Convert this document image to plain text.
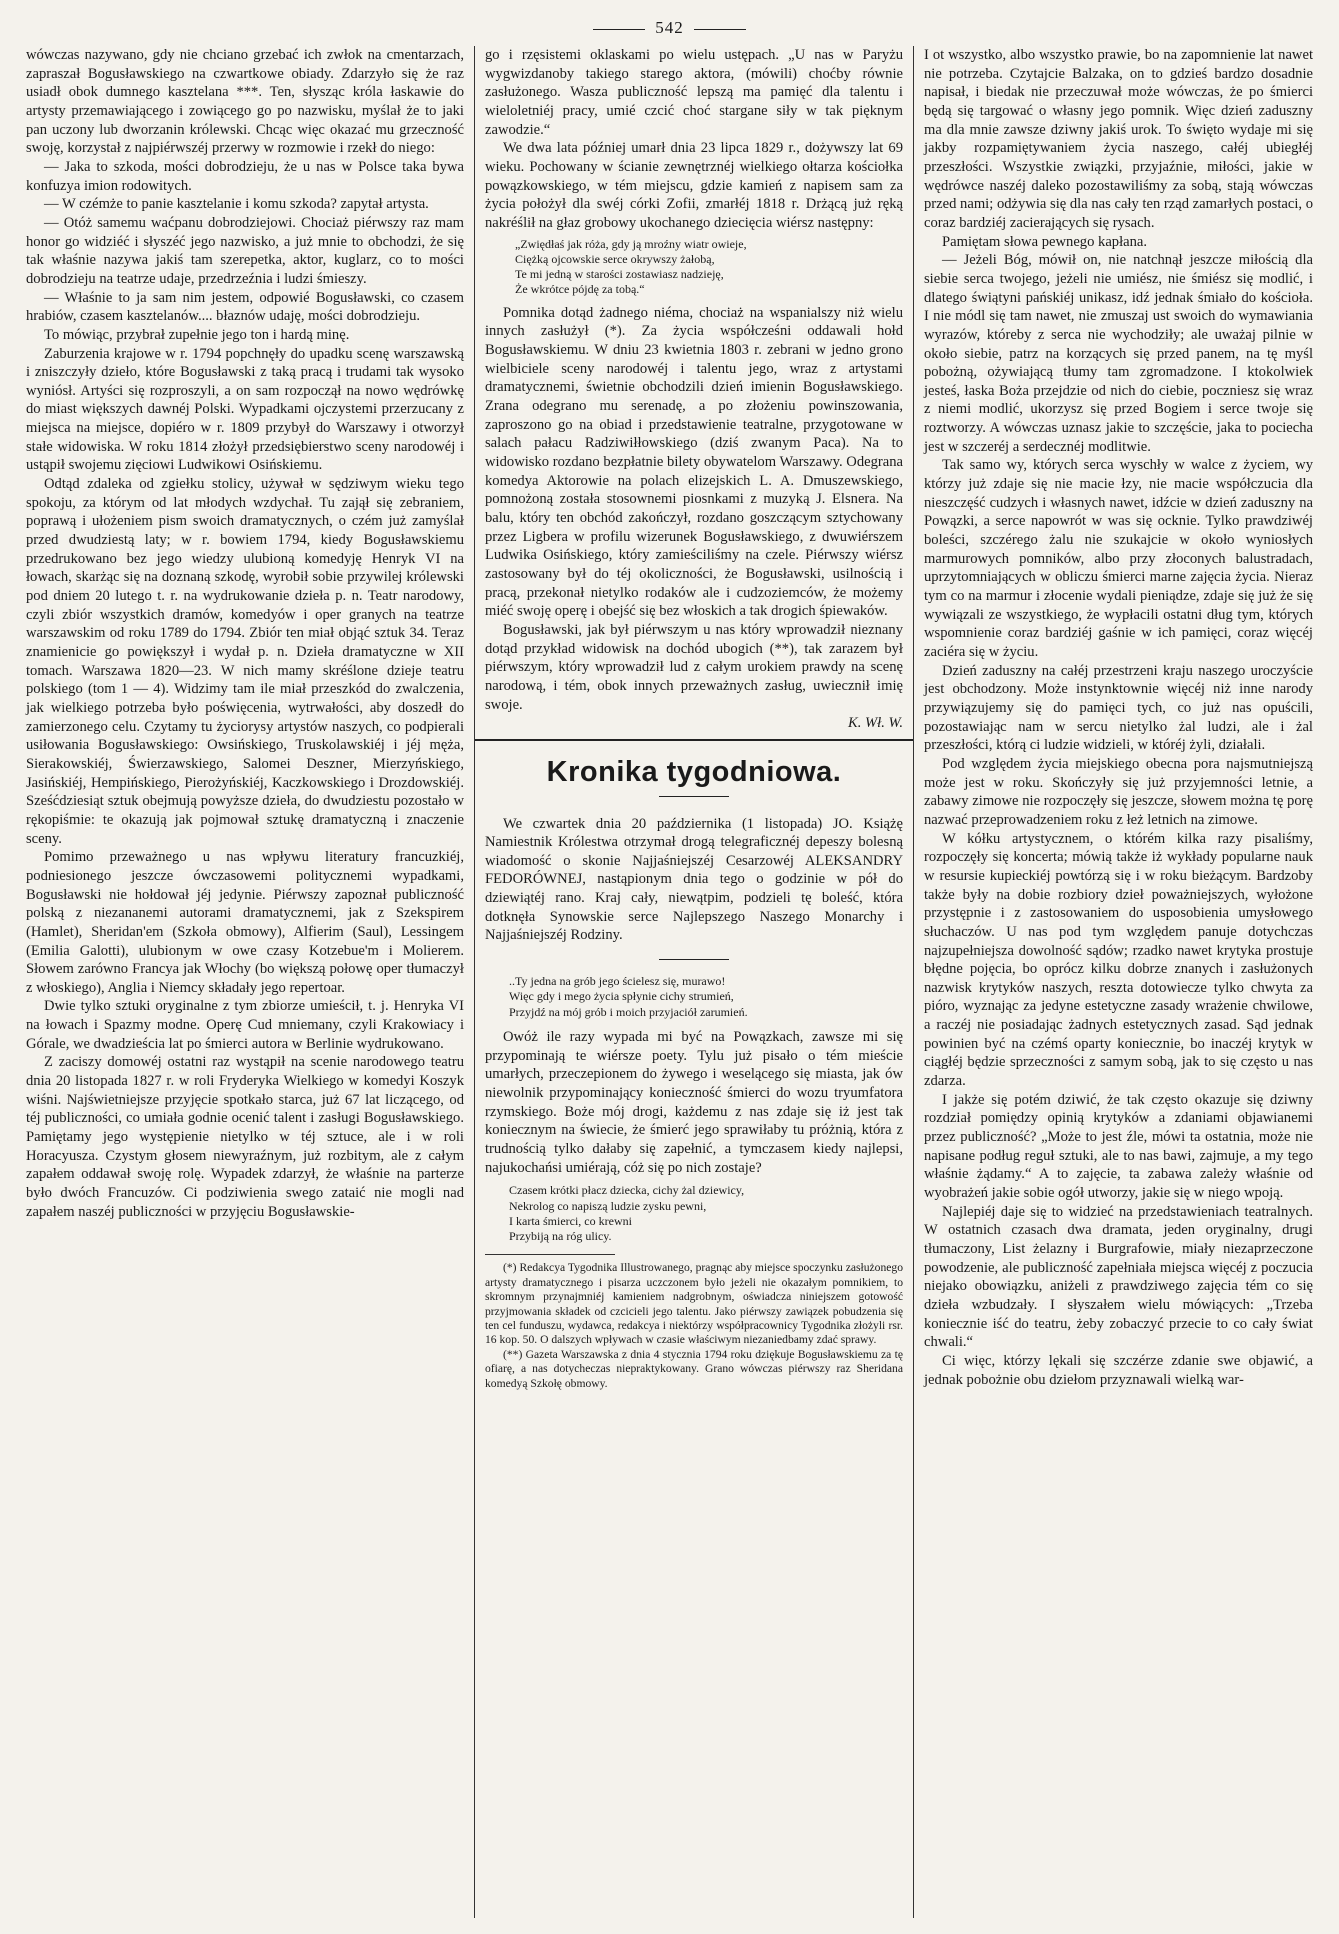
542

wówczas nazywano, gdy nie chciano grzebać ich zwłok na cmentarzach, zapraszał Bogusławskiego na czwartkowe obiady. Zdarzyło się że raz usiadł obok dumnego kasztelana ***. Ten, słysząc króla łaskawie do artysty przemawiającego i zowiącego go po nazwisku, myślał że to jaki pan uczony lub dworzanin królewski. Chcąc więc okazać mu grzeczność swoję, korzystał z najpiérwszéj przerwy w rozmowie i rzekł do niego:

— Jaka to szkoda, mości dobrodzieju, że u nas w Polsce taka bywa konfuzya imion rodowitych.

— W czémże to panie kasztelanie i komu szkoda? zapytał artysta.

— Otóż samemu waćpanu dobrodziejowi. Chociaż piérwszy raz mam honor go widziéć i słyszéć jego nazwisko, a już mnie to obchodzi, że się tak właśnie nazywa jakiś tam szerepetka, aktor, kuglarz, co to mości dobrodzieju na teatrze udaje, przedrzeźnia i ludzi śmieszy.

— Właśnie to ja sam nim jestem, odpowié Bogusławski, co czasem hrabiów, czasem kasztelanów.... błaznów udaję, mości dobrodzieju.

To mówiąc, przybrał zupełnie jego ton i hardą minę.

Zaburzenia krajowe w r. 1794 popchnęły do upadku scenę warszawską i zniszczyły dzieło, które Bogusławski z taką pracą i trudami tak wysoko wyniósł. Artyści się rozproszyli, a on sam rozpoczął na nowo wędrówkę do miast większych dawnéj Polski. Wypadkami ojczystemi przerzucany z miejsca na miejsce, dopiéro w r. 1809 przybył do Warszawy i otworzył stałe widowiska. W roku 1814 złożył przedsiębierstwo sceny narodowéj i ustąpił swojemu zięciowi Ludwikowi Osińskiemu.

Odtąd zdaleka od zgiełku stolicy, używał w sędziwym wieku tego spokoju, za którym od lat młodych wzdychał. Tu zajął się zebraniem, poprawą i ułożeniem pism swoich dramatycznych, o czém już zamyślał przed dwudziestą laty; w r. bowiem 1794, kiedy Bogusławskiemu przedrukowano bez jego wiedzy ulubioną komedyję Henryk VI na łowach, skarżąc się na doznaną szkodę, wyrobił sobie przywilej królewski pod dniem 20 lutego t. r. na wydrukowanie dzieła p. n. Teatr narodowy, czyli zbiór wszystkich dramów, komedyów i oper granych na teatrze warszawskim od roku 1789 do 1794. Zbiór ten miał objąć sztuk 34. Teraz znamienicie go powiększył i wydał p. n. Dzieła dramatyczne w XII tomach. Warszawa 1820—23. W nich mamy skréślone dzieje teatru polskiego (tom 1 — 4). Widzimy tam ile miał przeszkód do zwalczenia, jak wielkiego potrzeba było poświęcenia, wytrwałości, aby doszedł do zamierzonego celu. Czytamy tu życiorysy artystów naszych, co podpierali usiłowania Bogusławskiego: Owsińskiego, Truskolawskiéj i jéj męża, Sierakowskiéj, Świerzawskiego, Salomei Deszner, Mierzyńskiego, Jasińskiéj, Hempińskiego, Pierożyńskiéj, Kaczkowskiego i Drozdowskiéj. Sześćdziesiąt sztuk obejmują powyższe dzieła, do dwudziestu pozostało w rękopiśmie: te okazują jak pojmował sztukę dramatyczną i znaczenie sceny.

Pomimo przeważnego u nas wpływu literatury francuzkiéj, podniesionego jeszcze ówczasowemi politycznemi wypadkami, Bogusławski nie hołdował jéj jedynie. Piérwszy zapoznał publiczność polską z niezananemi autorami dramatycznemi, jak z Szekspirem (Hamlet), Sheridan'em (Szkoła obmowy), Alfierim (Saul), Lessingem (Emilia Galotti), ulubionym w owe czasy Kotzebue'm i Molierem. Słowem zarówno Francya jak Włochy (bo większą połowę oper tłumaczył z włoskiego), Anglia i Niemcy składały jego repertoar.

Dwie tylko sztuki oryginalne z tym zbiorze umieścił, t. j. Henryka VI na łowach i Spazmy modne. Operę Cud mniemany, czyli Krakowiacy i Górale, we dwadzieścia lat po śmierci autora w Berlinie wydrukowano.

Z zaciszy domowéj ostatni raz wystąpił na scenie narodowego teatru dnia 20 listopada 1827 r. w roli Fryderyka Wielkiego w komedyi Koszyk wiśni. Najświetniejsze przyjęcie spotkało starca, już 67 lat liczącego, od téj publiczności, co umiała godnie ocenić talent i zasługi Bogusławskiego. Pamiętamy jego występienie nietylko w téj sztuce, ale i w roli Horacyusza. Czystym głosem niewyraźnym, już rozbitym, ale z całym zapałem oddawał swoję rolę. Wypadek zdarzył, że właśnie na parterze było dwóch Francuzów. Ci podziwienia swego zataić nie mogli nad zapałem naszéj publiczności w przyjęciu Bogusławskie-

go i rzęsistemi oklaskami po wielu ustępach. „U nas w Paryżu wygwizdanoby takiego starego aktora, (mówili) choćby równie zasłużonego. Wasza publiczność lepszą ma pamięć dla talentu i wieloletniéj pracy, umié czcić choć stargane siły w tak pięknym zawodzie.“

We dwa lata później umarł dnia 23 lipca 1829 r., dożywszy lat 69 wieku. Pochowany w ścianie zewnętrznéj wielkiego ołtarza kościołka powązkowskiego, w tém miejscu, gdzie kamień z napisem sam za życia położył dla swéj córki Zofii, zmarłéj 1818 r. Drżącą już ręką nakréślił na głaz grobowy ukochanego dziecięcia wiérsz następny:

„Zwiędłaś jak róża, gdy ją mroźny wiatr owieje,
Ciężką ojcowskie serce okrywszy żałobą,
Te mi jedną w starości zostawiasz nadzieję,
Że wkrótce pójdę za tobą.“

Pomnika dotąd żadnego niéma, chociaż na wspanialszy niż wielu innych zasłużył (*). Za życia współcześni oddawali hołd Bogusławskiemu. W dniu 23 kwietnia 1803 r. zebrani w jedno grono wielbiciele sceny narodowéj i talentu jego, wraz z artystami dramatycznemi, świetnie obchodzili dzień imienin Bogusławskiego. Zrana odegrano mu serenadę, a po złożeniu powinszowania, zaproszono go na obiad i przedstawienie teatralne, przygotowane w salach pałacu Radziwiłłowskiego (dziś zwanym Paca). Na to widowisko rozdano bezpłatnie bilety obywatelom Warszawy. Odegrana komedya Aktorowie na polach elizejskich L. A. Dmuszewskiego, pomnożoną została stosownemi piosnkami z muzyką J. Elsnera. Na balu, który ten obchód zakończył, rozdano goszczącym sztychowany przez Ligbera w profilu wizerunek Bogusławskiego, z dwuwiérszem Ludwika Osińskiego, który zamieściliśmy na czele. Piérwszy wiérsz zastosowany był do téj okoliczności, że Bogusławski, usilnością i pracą, przekonał nietylko rodaków ale i cudzoziemców, że możemy miéć swoję operę i obejść się bez włoskich a tak drogich śpiewaków.

Bogusławski, jak był piérwszym u nas który wprowadził nieznany dotąd przykład widowisk na dochód ubogich (**), tak zarazem był piérwszym, który wprowadził lud z całym urokiem prawdy na scenę narodową, i tém, obok innych przeważnych zasług, uwiecznił imię swoje.

K. Wł. W.

Kronika tygodniowa.

We czwartek dnia 20 października (1 listopada) JO. Książę Namiestnik Królestwa otrzymał drogą telegraficznéj depeszy bolesną wiadomość o skonie Najjaśniejszéj Cesarzowéj ALEKSANDRY FEDORÓWNEJ, nastąpionym dnia tego o godzinie w pół do dziewiątéj rano. Kraj cały, niewątpim, podzieli tę boleść, która dotknęła Synowskie serce Najlepszego Naszego Monarchy i Najjaśniejszéj Rodziny.

..Ty jedna na grób jego ścielesz się, murawo!
Więc gdy i mego życia spłynie cichy strumień,
Przyjdź na mój grób i moich przyjaciół zarumień.

Owóż ile razy wypada mi być na Powązkach, zawsze mi się przypominają te wiérsze poety. Tylu już pisało o tém mieście umarłych, przeczepionem do żywego i weselącego się miasta, jak ów niewolnik przypominający konieczność śmierci do wozu tryumfatora rzymskiego. Boże mój drogi, każdemu z nas zdaje się iż jest tak koniecznym na świecie, że śmierć jego sprawiłaby tu próżnią, która z trudnością tylko dałaby się zapełnić, a tymczasem kiedy najlepsi, najukochańsi umiérają, cóż się po nich zostaje?

Czasem krótki płacz dziecka, cichy żal dziewicy,
Nekrolog co napiszą ludzie zysku pewni,
I karta śmierci, co krewni
Przybiją na róg ulicy.

(*) Redakcya Tygodnika Illustrowanego, pragnąc aby miejsce spoczynku zasłużonego artysty dramatycznego i pisarza uczczonem było jeżeli nie okazałym pomnikiem, to skromnym przynajmniéj kamieniem nadgrobnym, oświadcza niniejszem gotowość przyjmowania składek od czcicieli jego talentu. Jako piérwszy zawiązek pobudzenia się ten cel funduszu, wydawca, redakcya i niektórzy współpracownicy Tygodnika złożyli rsr. 16 kop. 50. O dalszych wpływach w czasie właściwym niezaniedbamy zdać sprawy.

(**) Gazeta Warszawska z dnia 4 stycznia 1794 roku dziękuje Bogusławskiemu za tę ofiarę, a nas dotycheczas niepraktykowany. Grano wówczas piérwszy raz Sheridana komedyą Szkołę obmowy.

I ot wszystko, albo wszystko prawie, bo na zapomnienie lat nawet nie potrzeba. Czytajcie Balzaka, on to gdzieś bardzo dosadnie napisał, i biedak nie przeczuwał może wówczas, że po śmierci będą się targować o własny jego pomnik. Więc dzień zaduszny ma dla mnie zawsze dziwny jakiś urok. To święto wydaje mi się jakby rozpamiętywaniem życia naszego, całéj ubiegłéj przeszłości. Wszystkie związki, przyjaźnie, miłości, jakie w wędrówce naszéj daleko pozostawiliśmy za sobą, stają wówczas przed nami; odżywia się dla nas cały ten rząd zamarłych postaci, o coraz bardziéj zacierających się rysach.

Pamiętam słowa pewnego kapłana.

— Jeżeli Bóg, mówił on, nie natchnął jeszcze miłością dla siebie serca twojego, jeżeli nie umiész, nie śmiész się modlić, i dlatego świątyni pańskiéj unikasz, idź jednak śmiało do kościoła. I nie módl się tam nawet, nie zmuszaj ust swoich do wymawiania wyrazów, któreby z serca nie wychodziły; ale uważaj pilnie w około siebie, patrz na korzących się przed panem, na tę myśl pobożną, ożywiającą tłumy tam zgromadzone. I ktokolwiek jesteś, łaska Boża przejdzie od nich do ciebie, poczniesz się wraz z niemi modlić, ukorzysz się przed Bogiem i serce twoje się roztworzy. A wówczas uznasz jakie to szczęście, jaka to pociecha jest w szczeréj a serdecznéj modlitwie.

Tak samo wy, których serca wyschły w walce z życiem, wy którzy już zdaje się nie macie łzy, nie macie współczucia dla nieszczęść cudzych i własnych nawet, idźcie w dzień zaduszny na Powązki, a serce napowrót w was się ocknie. Tylko prawdziwéj boleści, szczérego żalu nie szukajcie w około wyniosłych marmurowych pomników, albo przy złoconych balustradach, uprzytomniających w obliczu śmierci marne zajęcia życia. Nieraz tym co na marmur i złocenie wydali pieniądze, zdaje się już że się wywiązali ze wszystkiego, że wypłacili ostatni dług tym, których wspomnienie coraz bardziéj gaśnie w ich pamięci, coraz więcéj zaciéra się w życiu.

Dzień zaduszny na całéj przestrzeni kraju naszego uroczyście jest obchodzony. Może instynktownie więcéj niż inne narody przywiązujemy się do pamięci tych, co już nas opuścili, pozostawiając nam w sercu nietylko żal ludzi, ale i żal przeszłości, którą ci ludzie widzieli, w któréj żyli, działali.

Pod względem życia miejskiego obecna pora najsmutniejszą może jest w roku. Skończyły się już przyjemności letnie, a zabawy zimowe nie rozpoczęły się jeszcze, słowem można tę porę nazwać przeprowadzeniem roku z łeż letnich na zimowe.

W kółku artystycznem, o którém kilka razy pisaliśmy, rozpoczęły się koncerta; mówią także iż wykłady popularne nauk w resursie kupieckiéj powtórzą się i w roku bieżącym. Bardzoby także były na dobie rozbiory dzieł poważniejszych, wyłożone przystępnie i z zastosowaniem do usposobienia umysłowego słuchaczów. U nas pod tym względem panuje dotychczas najzupełniejsza dowolność sądów; rzadko nawet krytyka prostuje błędne pojęcia, bo oprócz kilku dobrze znanych i zasłużonych nazwisk krytyków naszych, reszta dotowiecze tylko chwyta za pióro, wyznając za jedyne estetyczne zasady wrażenie chwilowe, a raczéj nie posiadając żadnych estetycznych zasad. Sąd jednak powinien być na czémś oparty koniecznie, bo inaczéj krytyk w ciągłéj będzie sprzeczności z samym sobą, jak to się często u nas zdarza.

I jakże się potém dziwić, że tak często okazuje się dziwny rozdział pomiędzy opinią krytyków a zdaniami objawianemi przez publiczność? „Może to jest źle, mówi ta ostatnia, może nie napisane podług reguł sztuki, ale to nas bawi, zajmuje, a my tego właśnie żądamy.“ A to zajęcie, ta zabawa zależy właśnie od wyobrażeń jakie sobie ogół utworzy, jakie się w niego wpoją.

Najlepiéj daje się to widzieć na przedstawieniach teatralnych. W ostatnich czasach dwa dramata, jeden oryginalny, drugi tłumaczony, List żelazny i Burgrafowie, miały niezaprzeczone powodzenie, ale publiczność zapełniała miejsca więcéj z poczucia niejako obowiązku, aniżeli z prawdziwego zajęcia tém co się dzieła wzbudzały. I słyszałem wielu mówiących: „Trzeba koniecznie iść do teatru, żeby zobaczyć przecie to co cały świat chwali.“

Ci więc, którzy lękali się szczérze zdanie swe objawić, a jednak pobożnie obu dziełom przyznawali wielką war-
